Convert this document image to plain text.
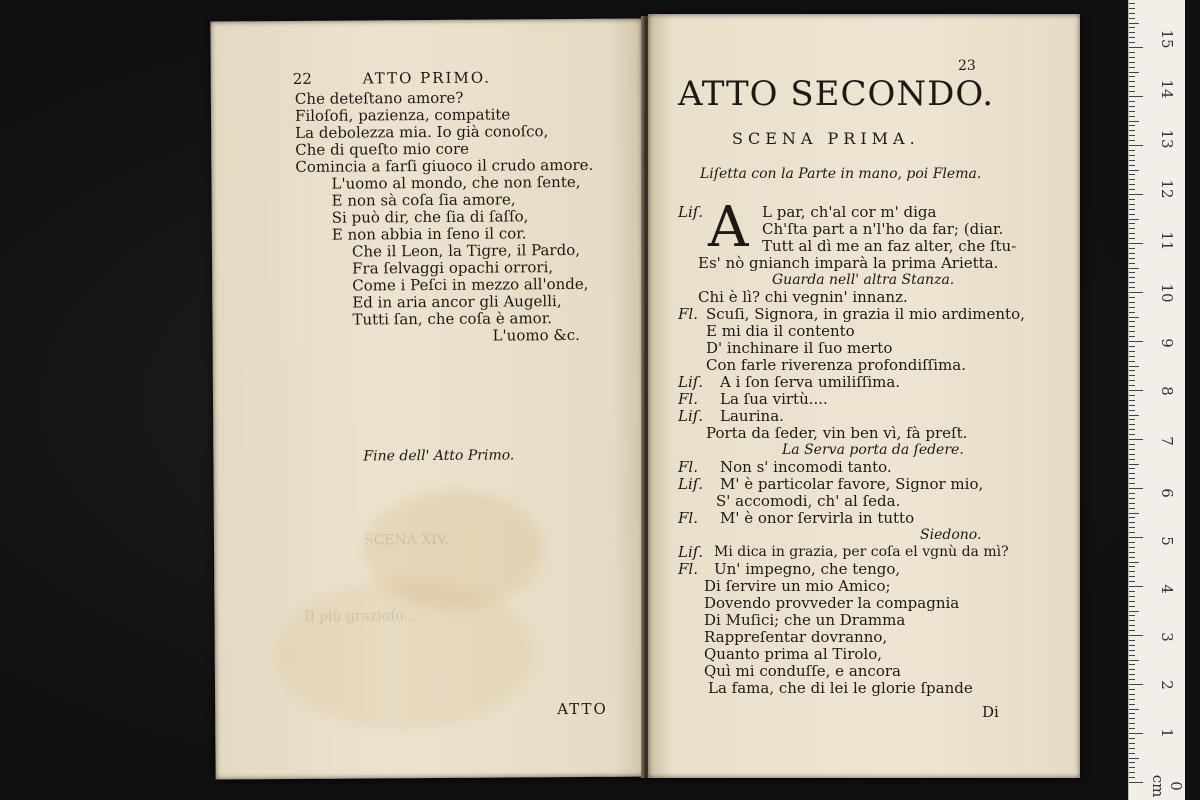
SCENA XIV.
Il più grazioſo...
22	ATTO PRIMO.
Che deteſtano amore?
Filoſofi, pazienza, compatite
La debolezza mia. Io già conoſco,
Che di queſto mio core
Comincia a farſi giuoco il crudo amore.
L'uomo al mondo, che non ſente,
E non sà coſa ſia amore,
Si può dir, che ſia di ſaſſo,
E non abbia in ſeno il cor.
Che il Leon, la Tigre, il Pardo,
Fra ſelvaggi opachi orrori,
Come i Peſci in mezzo all'onde,
Ed in aria ancor gli Augelli,
Tutti ſan, che coſa è amor.
L'uomo &c.
Fine dell' Atto Primo.
ATTO
23
ATTO SECONDO.
SCENA PRIMA.
Liſetta con la Parte in mano, poi Flema.
Liſ. A L par, ch'al cor m' diga
Ch'ſta part a n'l'ho da far; (diar.
Tutt al dì me an faz alter, che ſtu-
Es' nò gnianch imparà la prima Arietta.
Guarda nell' altra Stanza.
Chi è lì? chi vegnin' innanz.
Fl. Scuſi, Signora, in grazia il mio ardimento,
E mi dia il contento
D' inchinare il ſuo merto
Con farle riverenza profondiſſima.
Liſ. A i ſon ſerva umiliſſima.
Fl. La ſua virtù....
Liſ. Laurina.
Porta da ſeder, vin ben vì, fà preſt.
La Serva porta da ſedere.
Fl. Non s' incomodi tanto.
Liſ. M' è particolar favore, Signor mio,
S' accomodi, ch' al ſeda.
Fl. M' è onor ſervirla in tutto
Siedono.
Liſ. Mi dica in grazia, per coſa el vgnù da mì?
Fl. Un' impegno, che tengo,
Di ſervire un mio Amico;
Dovendo provveder la compagnia
Di Muſici; che un Dramma
Rappreſentar dovranno,
Quanto prima al Tirolo,
Quì mi conduſſe, e ancora
La fama, che di lei le glorie ſpande
Di
0 cm
1
2
3
4
5
6
7
8
9
10
11
12
13
14
15
